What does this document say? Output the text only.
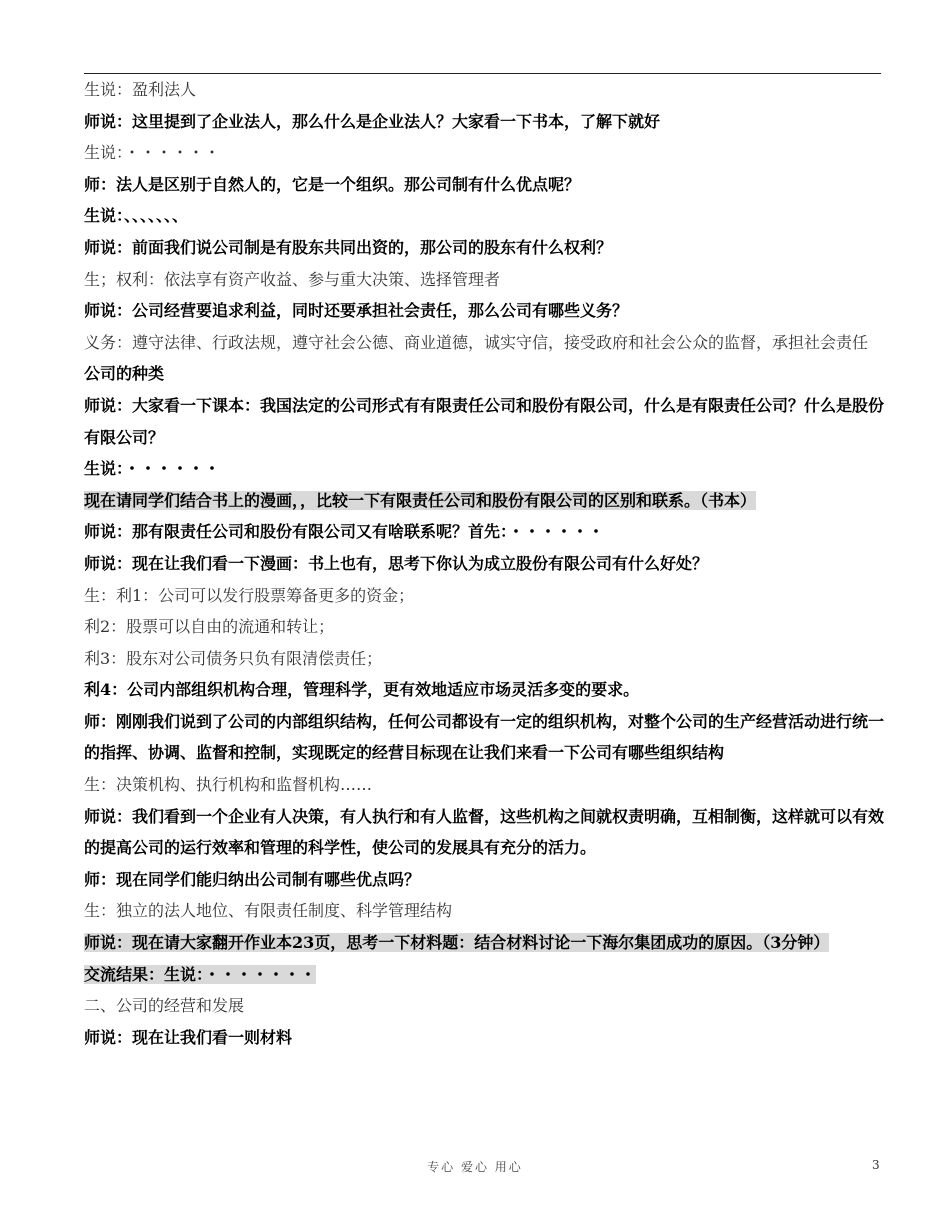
生说：盈利法人
师说：这里提到了企业法人，那么什么是企业法人？大家看一下书本，了解下就好
生说：・・・・・・
师：法人是区别于自然人的，它是一个组织。那公司制有什么优点呢？
生说：、、、、、、、
师说：前面我们说公司制是有股东共同出资的，那公司的股东有什么权利？
生；权利：依法享有资产收益、参与重大决策、选择管理者
师说：公司经营要追求利益，同时还要承担社会责任，那么公司有哪些义务？
义务：遵守法律、行政法规，遵守社会公德、商业道德，诚实守信，接受政府和社会公众的监督，承担社会责任
公司的种类
师说：大家看一下课本：我国法定的公司形式有有限责任公司和股份有限公司，什么是有限责任公司？什么是股份有限公司？
生说：・・・・・・
现在请同学们结合书上的漫画，，比较一下有限责任公司和股份有限公司的区别和联系。（书本）
师说：那有限责任公司和股份有限公司又有啥联系呢？首先：・・・・・・
师说：现在让我们看一下漫画：书上也有，思考下你认为成立股份有限公司有什么好处？
生：利1：公司可以发行股票筹备更多的资金；
利2：股票可以自由的流通和转让；
利3：股东对公司债务只负有限清偿责任；
利4：公司内部组织机构合理，管理科学，更有效地适应市场灵活多变的要求。
师：刚刚我们说到了公司的内部组织结构，任何公司都设有一定的组织机构，对整个公司的生产经营活动进行统一的指挥、协调、监督和控制，实现既定的经营目标现在让我们来看一下公司有哪些组织结构
生：决策机构、执行机构和监督机构……
师说：我们看到一个企业有人决策，有人执行和有人监督，这些机构之间就权责明确，互相制衡，这样就可以有效的提高公司的运行效率和管理的科学性，使公司的发展具有充分的活力。
师：现在同学们能归纳出公司制有哪些优点吗？
生：独立的法人地位、有限责任制度、科学管理结构
师说：现在请大家翻开作业本23页，思考一下材料题：结合材料讨论一下海尔集团成功的原因。（3分钟）
交流结果：生说：・・・・・・・
二、公司的经营和发展
师说：现在让我们看一则材料
专心 爱心 用心	3
